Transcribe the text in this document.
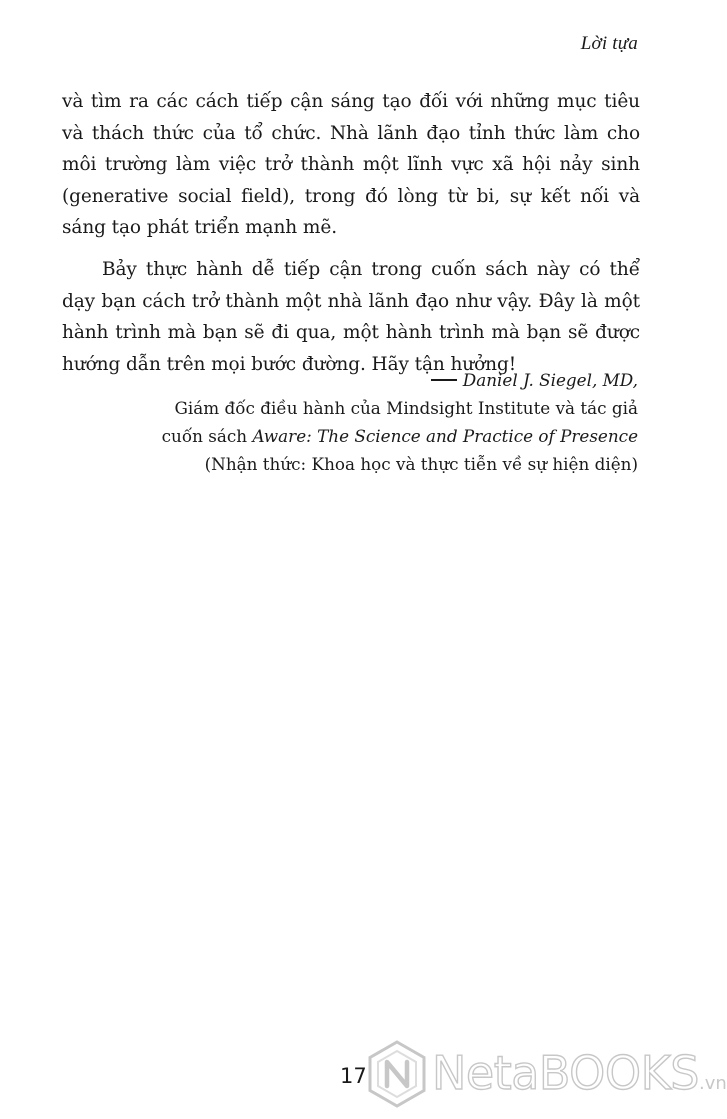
Lời tựa

và tìm ra các cách tiếp cận sáng tạo đối với những mục tiêu và thách thức của tổ chức. Nhà lãnh đạo tỉnh thức làm cho môi trường làm việc trở thành một lĩnh vực xã hội nảy sinh (generative social field), trong đó lòng từ bi, sự kết nối và sáng tạo phát triển mạnh mẽ.

Bảy thực hành dễ tiếp cận trong cuốn sách này có thể dạy bạn cách trở thành một nhà lãnh đạo như vậy. Đây là một hành trình mà bạn sẽ đi qua, một hành trình mà bạn sẽ được hướng dẫn trên mọi bước đường. Hãy tận hưởng!

Daniel J. Siegel, MD,
Giám đốc điều hành của Mindsight Institute và tác giả
cuốn sách Aware: The Science and Practice of Presence
(Nhận thức: Khoa học và thực tiễn về sự hiện diện)
17 NetaBOOKS.vn
